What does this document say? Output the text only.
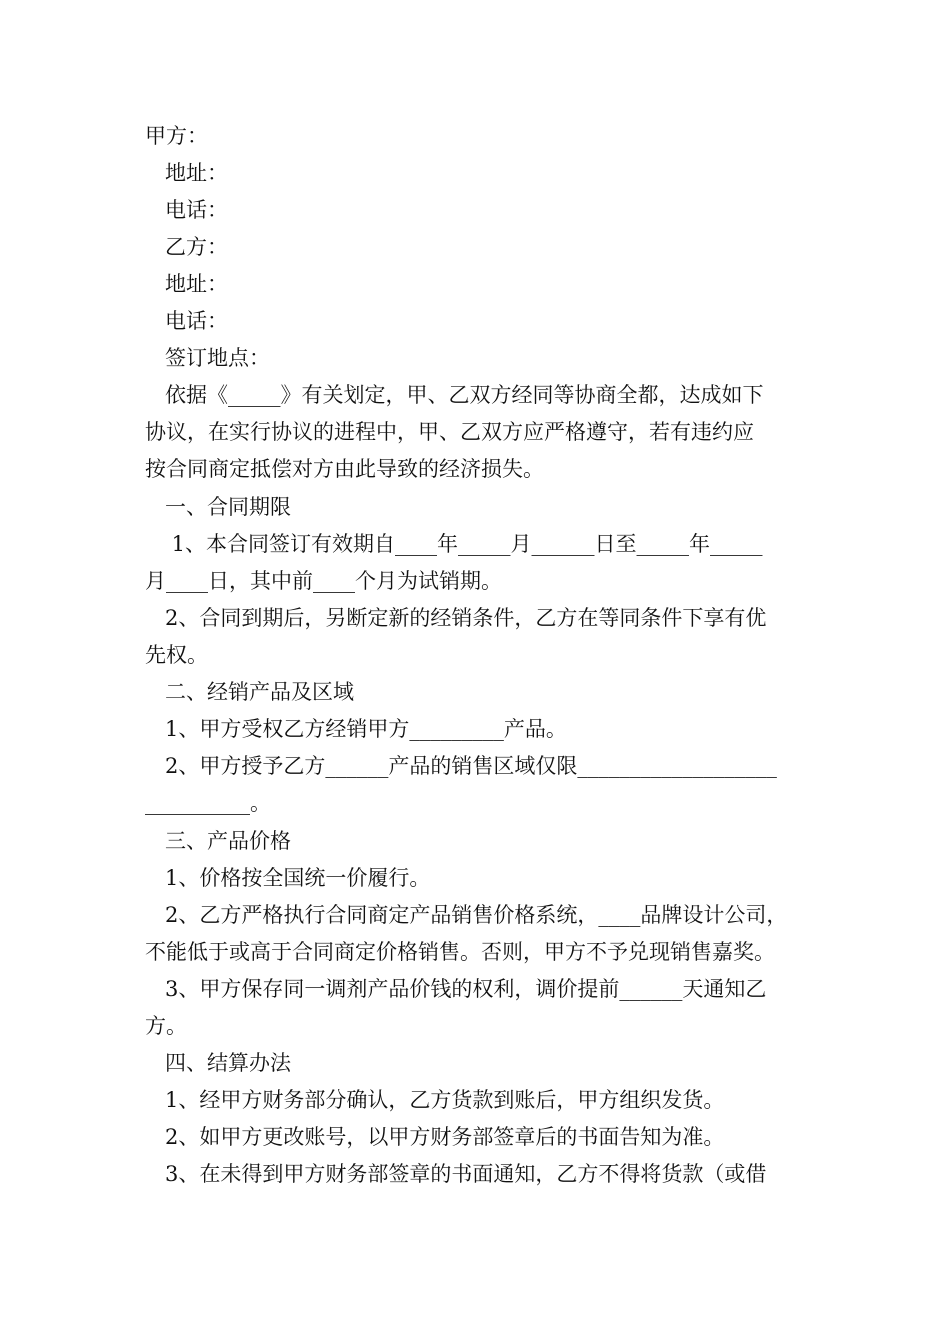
甲方：
地址：
电话：
乙方：
地址：
电话：
签订地点：
依据《_____》有关划定，甲、乙双方经同等协商全都，达成如下
协议，在实行协议的进程中，甲、乙双方应严格遵守，若有违约应
按合同商定抵偿对方由此导致的经济损失。
一、合同期限
1、本合同签订有效期自____年_____月______日至_____年_____
月____日，其中前____个月为试销期。
2、合同到期后，另断定新的经销条件，乙方在等同条件下享有优
先权。
二、经销产品及区域
1、甲方受权乙方经销甲方_________产品。
2、甲方授予乙方______产品的销售区域仅限___________________
__________。
三、产品价格
1、价格按全国统一价履行。
2、乙方严格执行合同商定产品销售价格系统，____品牌设计公司，
不能低于或高于合同商定价格销售。否则，甲方不予兑现销售嘉奖。
3、甲方保存同一调剂产品价钱的权利，调价提前______天通知乙
方。
四、结算办法
1、经甲方财务部分确认，乙方货款到账后，甲方组织发货。
2、如甲方更改账号，以甲方财务部签章后的书面告知为准。
3、在未得到甲方财务部签章的书面通知，乙方不得将货款（或借
